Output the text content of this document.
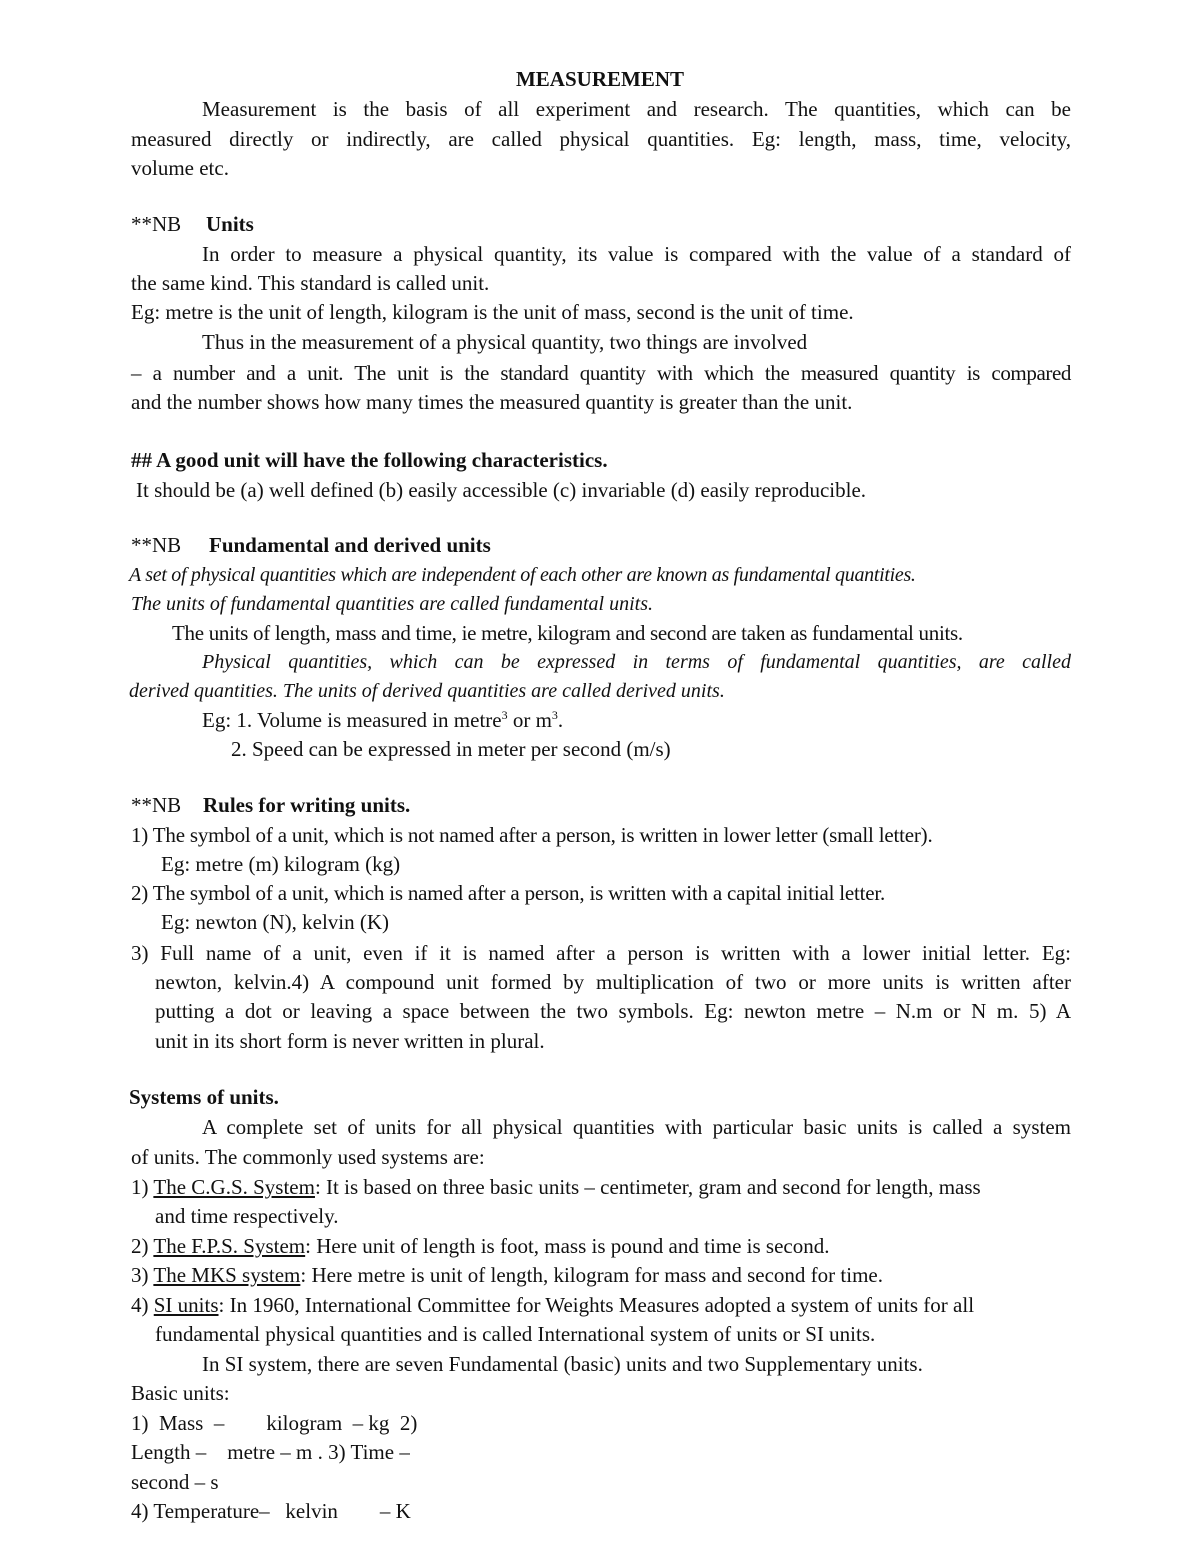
MEASUREMENT
Measurement is the basis of all experiment and research. The quantities, which can be
measured directly or indirectly, are called physical quantities. Eg: length, mass, time, velocity,
volume etc.
**NB Units
In order to measure a physical quantity, its value is compared with the value of a standard of
the same kind. This standard is called unit.
Eg: metre is the unit of length, kilogram is the unit of mass, second is the unit of time.
Thus in the measurement of a physical quantity, two things are involved
– a number and a unit. The unit is the standard quantity with which the measured quantity is compared
and the number shows how many times the measured quantity is greater than the unit.
## A good unit will have the following characteristics.
It should be (a) well defined (b) easily accessible (c) invariable (d) easily reproducible.
**NB Fundamental and derived units
A set of physical quantities which are independent of each other are known as fundamental quantities.
The units of fundamental quantities are called fundamental units.
The units of length, mass and time, ie metre, kilogram and second are taken as fundamental units.
Physical quantities, which can be expressed in terms of fundamental quantities, are called
derived quantities. The units of derived quantities are called derived units.
Eg: 1. Volume is measured in metre$^3$ or $m^3$.
2. Speed can be expressed in meter per second (m/s)
**NB Rules for writing units.
1) The symbol of a unit, which is not named after a person, is written in lower letter (small letter).
Eg: metre (m) kilogram (kg)
2) The symbol of a unit, which is named after a person, is written with a capital initial letter.
Eg: newton (N), kelvin (K)
3) Full name of a unit, even if it is named after a person is written with a lower initial letter. Eg:
newton, kelvin.4) A compound unit formed by multiplication of two or more units is written after
putting a dot or leaving a space between the two symbols. Eg: newton metre – N.m or N m. 5) A
unit in its short form is never written in plural.
Systems of units.
A complete set of units for all physical quantities with particular basic units is called a system
of units. The commonly used systems are:
1) The C.G.S. System: It is based on three basic units – centimeter, gram and second for length, mass
and time respectively.
2) The F.P.S. System: Here unit of length is foot, mass is pound and time is second.
3) The MKS system: Here metre is unit of length, kilogram for mass and second for time.
4) SI units: In 1960, International Committee for Weights Measures adopted a system of units for all
fundamental physical quantities and is called International system of units or SI units.
In SI system, there are seven Fundamental (basic) units and two Supplementary units.
Basic units:
1)  Mass  –        kilogram  – kg  2)
Length –    metre – m . 3) Time –
second – s
4) Temperature–   kelvin        – K
